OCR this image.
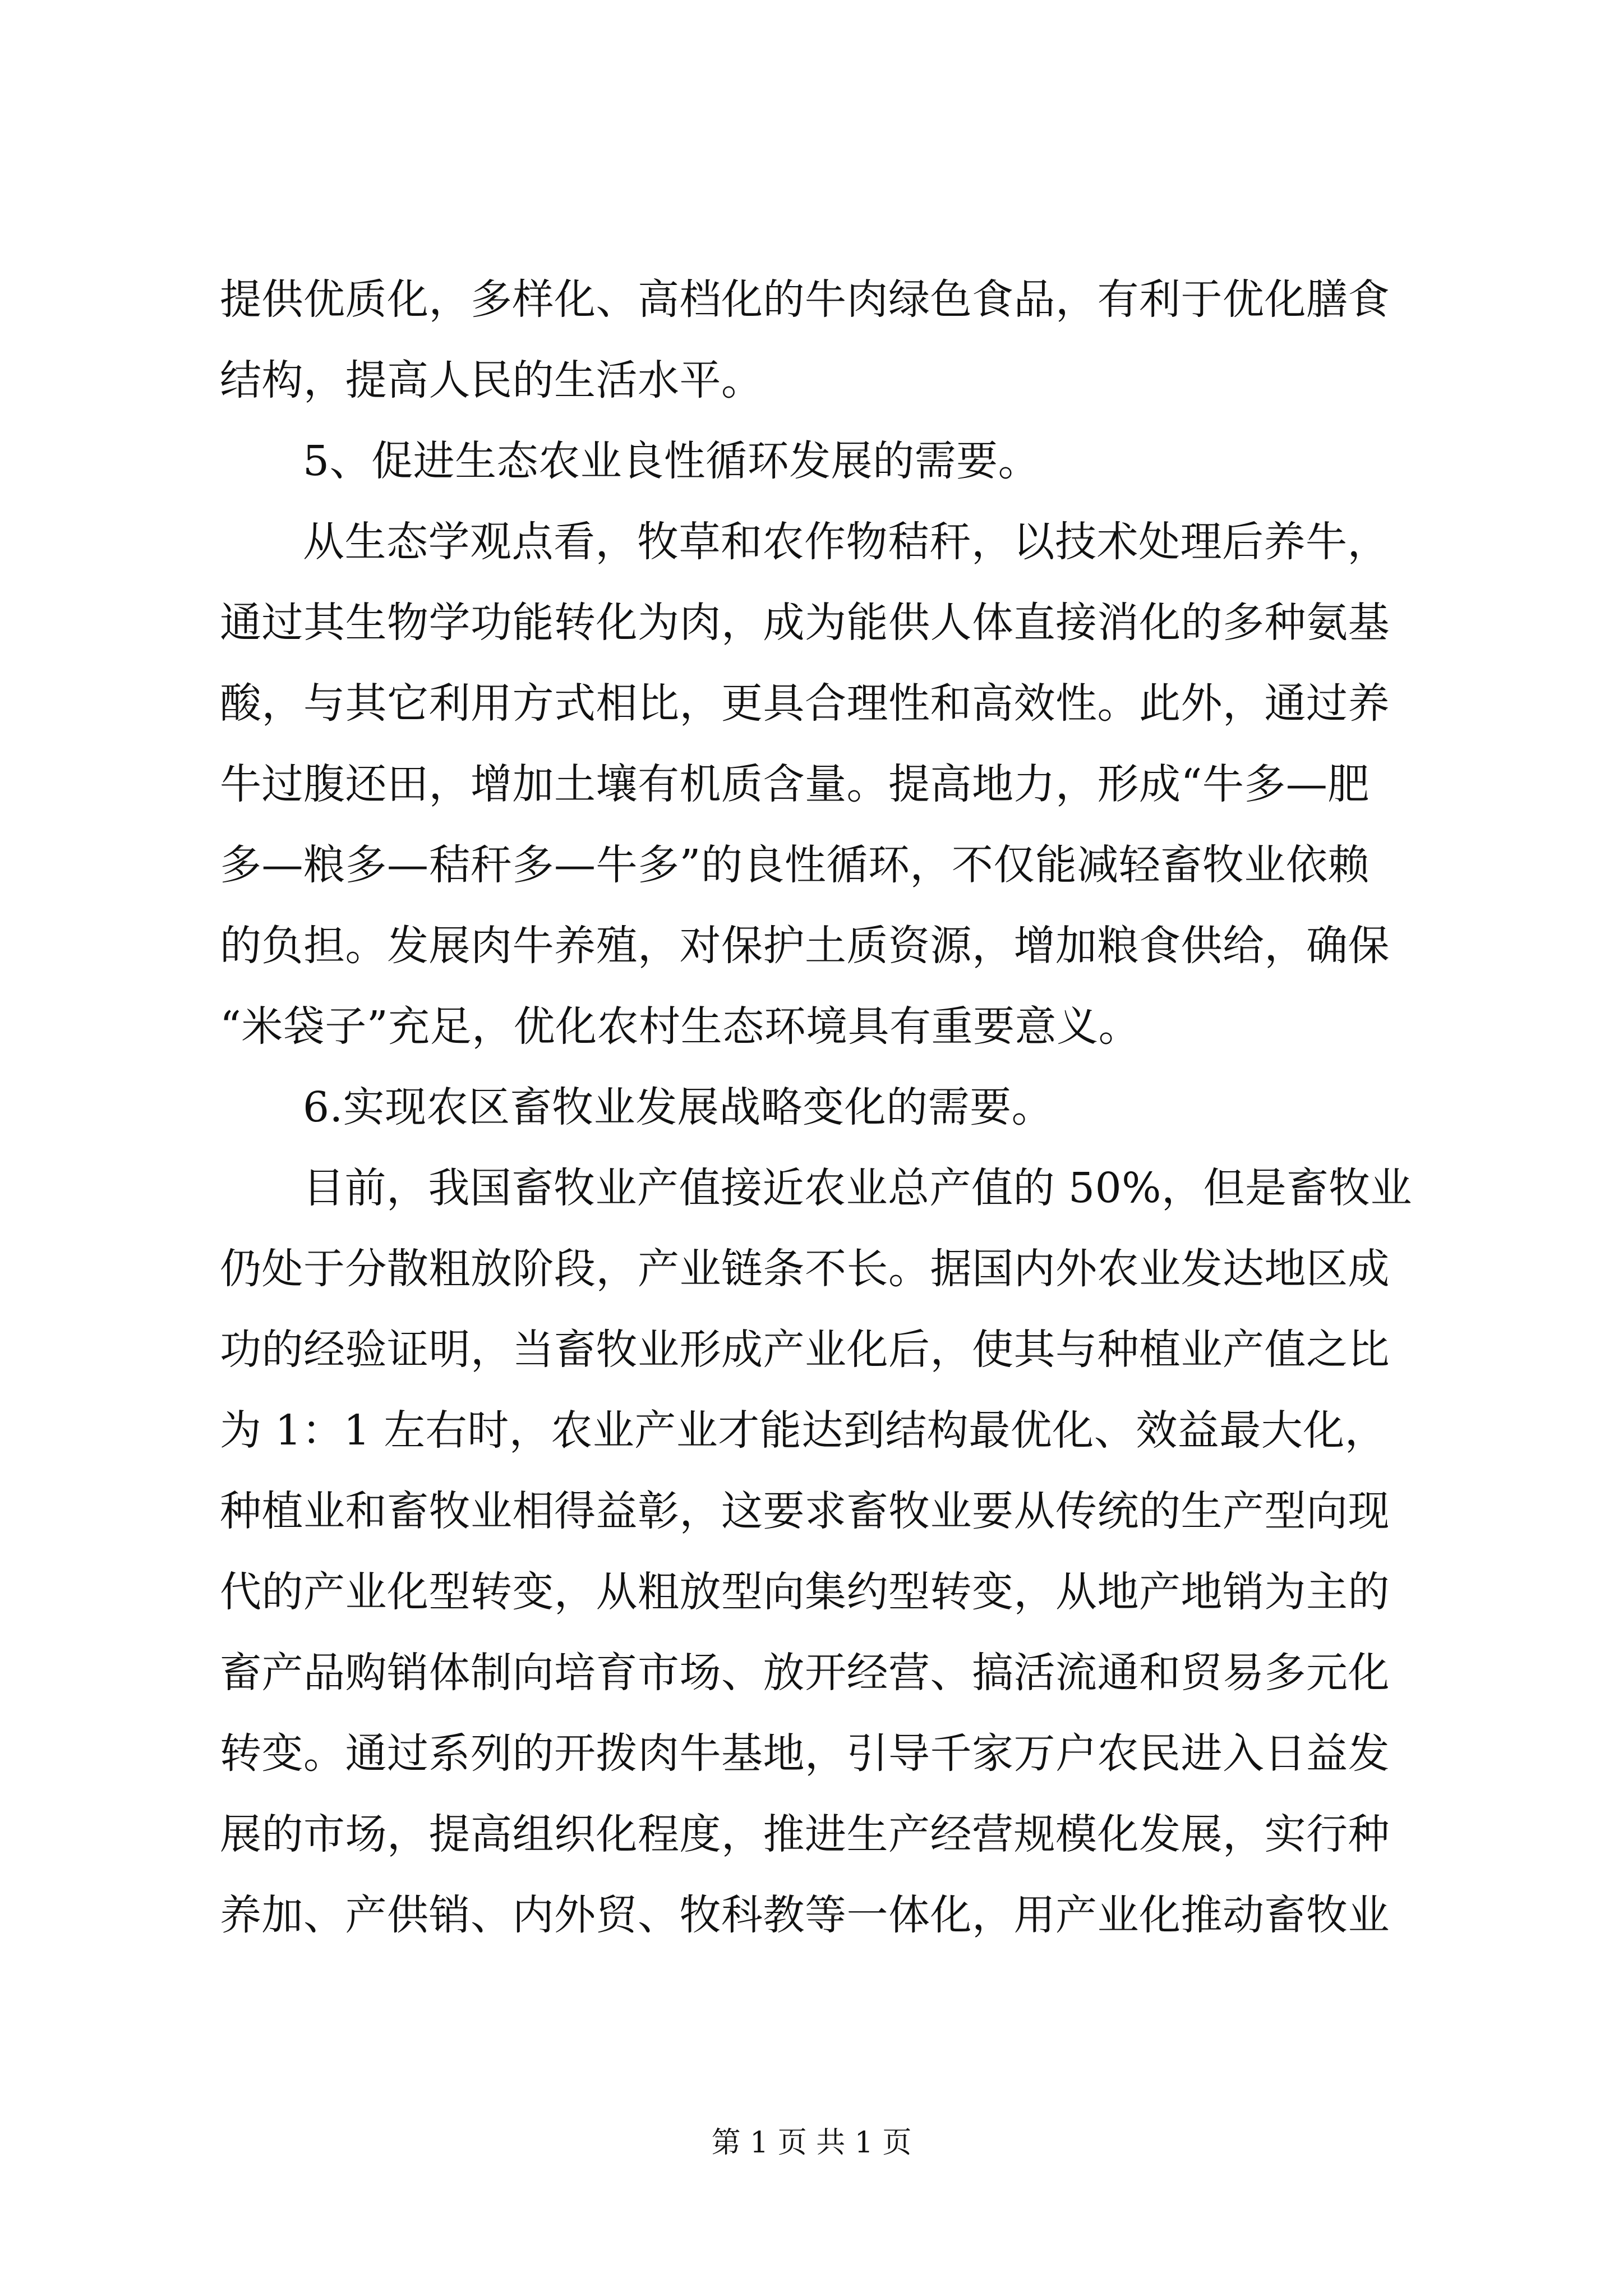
提供优质化，多样化、高档化的牛肉绿色食品，有利于优化膳食
结构，提高人民的生活水平。
5、促进生态农业良性循环发展的需要。
从生态学观点看，牧草和农作物秸秆，以技术处理后养牛，
通过其生物学功能转化为肉，成为能供人体直接消化的多种氨基
酸，与其它利用方式相比，更具合理性和高效性。此外，通过养
牛过腹还田，增加土壤有机质含量。提高地力，形成“牛多—肥
多—粮多—秸秆多—牛多”的良性循环，不仅能减轻畜牧业依赖
的负担。发展肉牛养殖，对保护土质资源，增加粮食供给，确保
“米袋子”充足，优化农村生态环境具有重要意义。
6.实现农区畜牧业发展战略变化的需要。
目前，我国畜牧业产值接近农业总产值的 50%，但是畜牧业
仍处于分散粗放阶段，产业链条不长。据国内外农业发达地区成
功的经验证明，当畜牧业形成产业化后，使其与种植业产值之比
为 1：1 左右时，农业产业才能达到结构最优化、效益最大化，
种植业和畜牧业相得益彰，这要求畜牧业要从传统的生产型向现
代的产业化型转变，从粗放型向集约型转变，从地产地销为主的
畜产品购销体制向培育市场、放开经营、搞活流通和贸易多元化
转变。通过系列的开拨肉牛基地，引导千家万户农民进入日益发
展的市场，提高组织化程度，推进生产经营规模化发展，实行种
养加、产供销、内外贸、牧科教等一体化，用产业化推动畜牧业
第 1 页 共 1 页
